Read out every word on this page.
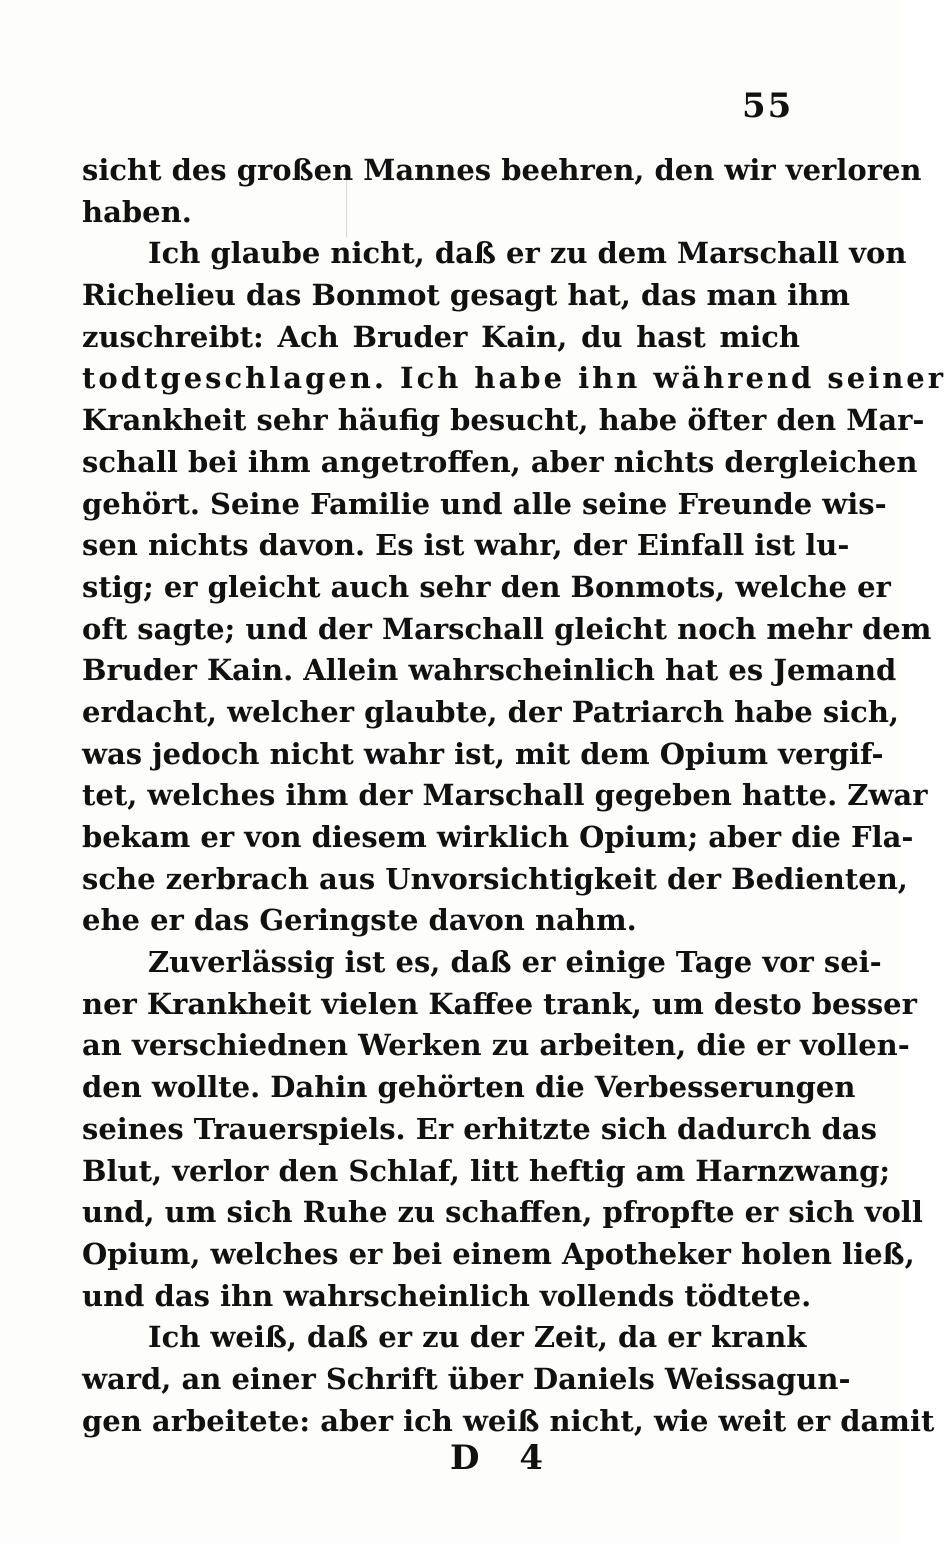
55
sicht des großen Mannes beehren, den wir verloren
haben.
Ich glaube nicht, daß er zu dem Marschall von
Richelieu das Bonmot gesagt hat, das man ihm
zuschreibt: Ach Bruder Kain, du hast mich
todtgeschlagen. Ich habe ihn während seiner
Krankheit sehr häufig besucht, habe öfter den Mar-
schall bei ihm angetroffen, aber nichts dergleichen
gehört. Seine Familie und alle seine Freunde wis-
sen nichts davon. Es ist wahr, der Einfall ist lu-
stig; er gleicht auch sehr den Bonmots, welche er
oft sagte; und der Marschall gleicht noch mehr dem
Bruder Kain. Allein wahrscheinlich hat es Jemand
erdacht, welcher glaubte, der Patriarch habe sich,
was jedoch nicht wahr ist, mit dem Opium vergif-
tet, welches ihm der Marschall gegeben hatte. Zwar
bekam er von diesem wirklich Opium; aber die Fla-
sche zerbrach aus Unvorsichtigkeit der Bedienten,
ehe er das Geringste davon nahm.
Zuverlässig ist es, daß er einige Tage vor sei-
ner Krankheit vielen Kaffee trank, um desto besser
an verschiednen Werken zu arbeiten, die er vollen-
den wollte. Dahin gehörten die Verbesserungen
seines Trauerspiels. Er erhitzte sich dadurch das
Blut, verlor den Schlaf, litt heftig am Harnzwang;
und, um sich Ruhe zu schaffen, pfropfte er sich voll
Opium, welches er bei einem Apotheker holen ließ,
und das ihn wahrscheinlich vollends tödtete.
Ich weiß, daß er zu der Zeit, da er krank
ward, an einer Schrift über Daniels Weissagun-
gen arbeitete: aber ich weiß nicht, wie weit er damit
D 4
